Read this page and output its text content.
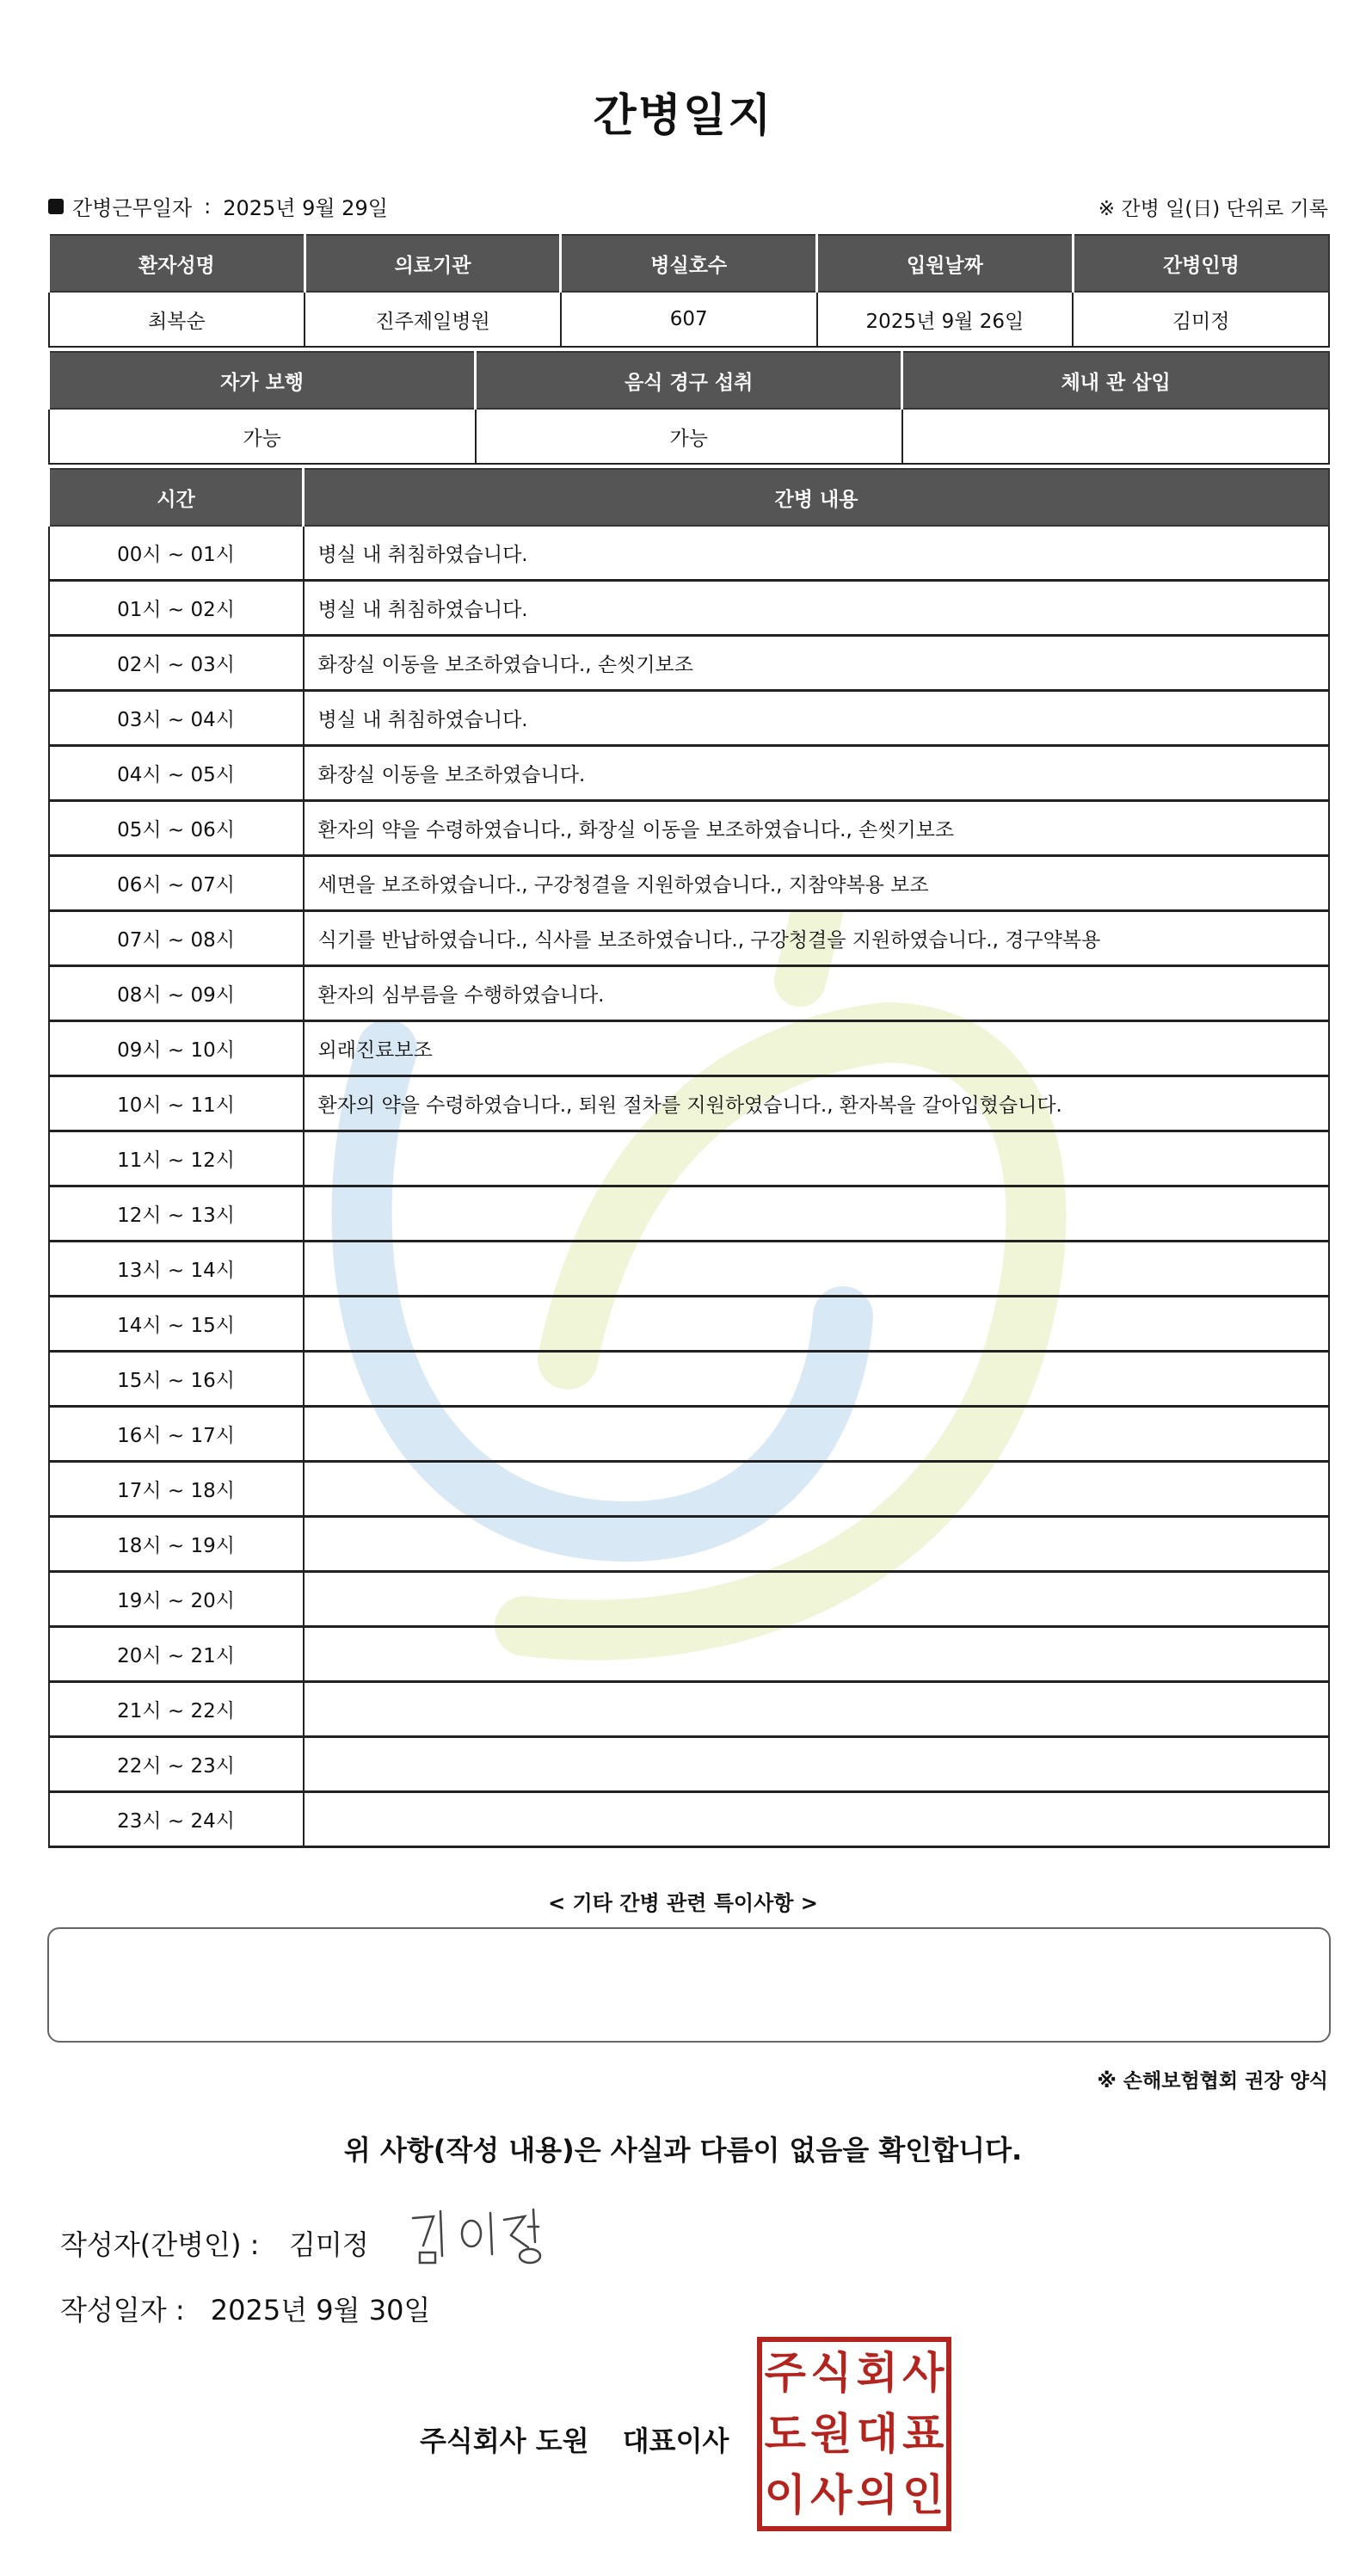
간병일지
간병근무일자 : 2025년 9월 29일	※ 간병 일(日) 단위로 기록
환자성명	의료기관	병실호수	입원날짜	간병인명
최복순	진주제일병원	607	2025년 9월 26일	김미정
자가 보행	음식 경구 섭취	체내 관 삽입
가능	가능	
시간	간병 내용
00시 ~ 01시	병실 내 취침하였습니다.
01시 ~ 02시	병실 내 취침하였습니다.
02시 ~ 03시	화장실 이동을 보조하였습니다., 손씻기보조
03시 ~ 04시	병실 내 취침하였습니다.
04시 ~ 05시	화장실 이동을 보조하였습니다.
05시 ~ 06시	환자의 약을 수령하였습니다., 화장실 이동을 보조하였습니다., 손씻기보조
06시 ~ 07시	세면을 보조하였습니다., 구강청결을 지원하였습니다., 지참약복용 보조
07시 ~ 08시	식기를 반납하였습니다., 식사를 보조하였습니다., 구강청결을 지원하였습니다., 경구약복용
08시 ~ 09시	환자의 심부름을 수행하였습니다.
09시 ~ 10시	외래진료보조
10시 ~ 11시	환자의 약을 수령하였습니다., 퇴원 절차를 지원하였습니다., 환자복을 갈아입혔습니다.
11시 ~ 12시	
12시 ~ 13시	
13시 ~ 14시	
14시 ~ 15시	
15시 ~ 16시	
16시 ~ 17시	
17시 ~ 18시	
18시 ~ 19시	
19시 ~ 20시	
20시 ~ 21시	
21시 ~ 22시	
22시 ~ 23시	
23시 ~ 24시	
< 기타 간병 관련 특이사항 >
※ 손해보험협회 권장 양식
위 사항(작성 내용)은 사실과 다름이 없음을 확인합니다.
작성자(간병인) : 김미정
작성일자 : 2025년 9월 30일
주식회사 도원 대표이사
주 식 회 사
도 원 대 표
이 사 의 인
